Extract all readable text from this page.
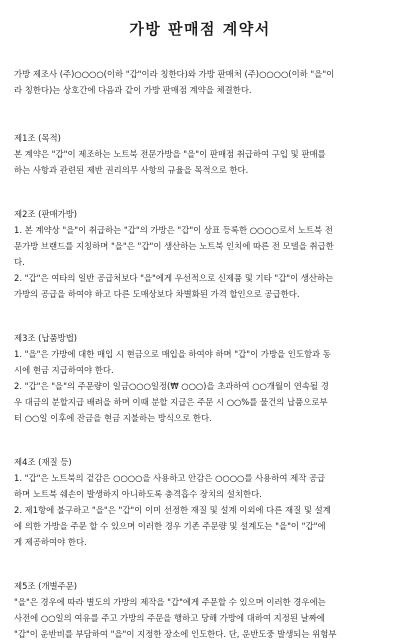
가방 판매점 계약서

가방 제조사 (주)○○○○(이하 "갑"이라 칭한다)와 가방 판매처 (주)○○○○(이하 "을"이

라 칭한다)는 상호간에 다음과 같이 가방 판매점 계약을 체결한다.

제1조 (목적)

본 계약은 "갑"이 제조하는 노트북 전문가방을 "을"이 판매점 취급하여 구입 및 판매를

하는 사항과 관련된 제반 권리의무 사항의 규율을 목적으로 한다.

제2조 (판매가방)

1. 본 계약상 "을"이 취급하는 "갑"의 가방은 "갑"이 상표 등록한 ○○○○로서 노트북 전

문가방 브랜드를 지칭하며 "을"은 "갑"이 생산하는 노트북 인치에 따른 전 모델을 취급한

다.

2. "갑"은 여타의 일반 공급처보다 "을"에게 우선적으로 신제품 및 기타 "갑"이 생산하는

가방의 공급을 하여야 하고 다른 도매상보다 차별화된 가격 할인으로 공급한다.

제3조 (납품방법)

1. "을"은 가방에 대한 매입 시 현금으로 매입을 하여야 하며 "갑"이 가방을 인도함과 동

시에 현금 지급하여야 한다.

2. "갑"은 "을"의 주문량이 일금○○○일정(₩ ○○○)을 초과하여 ○○개월이 연속될 경

우 대금의 분할지급 배려을 하며 이때 분할 지급은 주문 시 ○○%를 물건의 납품으로부

터 ○○일 이후에 잔금을 현금 지불하는 방식으로 한다.

제4조 (재질 등)

1. "갑"은 노트북의 겉감은 ○○○○을 사용하고 안감은 ○○○○를 사용하여 제작 공급

하며 노트북 쉐손이 발생하지 아니하도록 충격흡수 장치의 설치한다.

2. 제1항에 불구하고 "을"은 "갑"이 이미 선정한 재질 및 설계 이외에 다른 재질 및 설계

에 의한 가방을 주문 할 수 있으며 이러한 경우 기존 주문량 및 설계도는 "을"이 "갑"에

게 제공하여야 한다.

제5조 (개별주문)

"을"은 경우에 따라 별도의 가방의 제작을 "갑"에게 주문할 수 있으며 이러한 경우에는

사전에 ○○일의 여유를 주고 가방의 주문을 행하고 당해 가방에 대하여 지정된 날짜에

"갑"이 운반비를 부담하여 "을"이 지정한 장소에 인도한다. 단, 운반도중 발생되는 위험부
